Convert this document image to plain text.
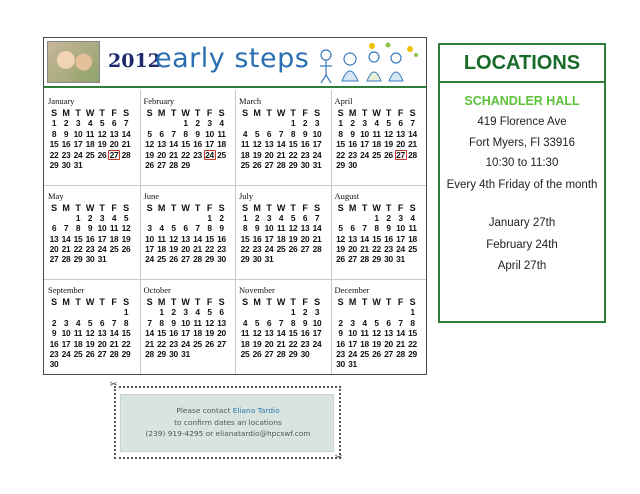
2012
early steps
January
S M T W T F S
1 2 3 4 5 6 7
8 9 10 11 12 13 14
15 16 17 18 19 20 21
22 23 24 25 26 27 28
29 30 31
February
S M T W T F S
1 2 3 4
5 6 7 8 9 10 11
12 13 14 15 16 17 18
19 20 21 22 23 24 25
26 27 28 29
March
S M T W T F S
1 2 3
4 5 6 7 8 9 10
11 12 13 14 15 16 17
18 19 20 21 22 23 24
25 26 27 28 29 30 31
April
S M T W T F S
1 2 3 4 5 6 7
8 9 10 11 12 13 14
15 16 17 18 19 20 21
22 23 24 25 26 27 28
29 30
May
S M T W T F S
1 2 3 4 5
6 7 8 9 10 11 12
13 14 15 16 17 18 19
20 21 22 23 24 25 26
27 28 29 30 31
June
S M T W T F S
1 2
3 4 5 6 7 8 9
10 11 12 13 14 15 16
17 18 19 20 21 22 23
24 25 26 27 28 29 30
July
S M T W T F S
1 2 3 4 5 6 7
8 9 10 11 12 13 14
15 16 17 18 19 20 21
22 23 24 25 26 27 28
29 30 31
August
S M T W T F S
1 2 3 4
5 6 7 8 9 10 11
12 13 14 15 16 17 18
19 20 21 22 23 24 25
26 27 28 29 30 31
September
S M T W T F S
1
2 3 4 5 6 7 8
9 10 11 12 13 14 15
16 17 18 19 20 21 22
23 24 25 26 27 28 29
30
October
S M T W T F S
1 2 3 4 5 6
7 8 9 10 11 12 13
14 15 16 17 18 19 20
21 22 23 24 25 26 27
28 29 30 31
November
S M T W T F S
1 2 3
4 5 6 7 8 9 10
11 12 13 14 15 16 17
18 19 20 21 22 23 24
25 26 27 28 29 30
December
S M T W T F S
1
2 3 4 5 6 7 8
9 10 11 12 13 14 15
16 17 18 19 20 21 22
23 24 25 26 27 28 29
30 31
LOCATIONS
SCHANDLER HALL
419 Florence Ave
Fort Myers, Fl 33916
10:30 to 11:30
Every 4th Friday of the month
January 27th
February 24th
April 27th
✂
✂
Please contact Eliana Tardio
to confirm dates an locations
(239) 919-4295 or elianatardio@hpcswf.com
